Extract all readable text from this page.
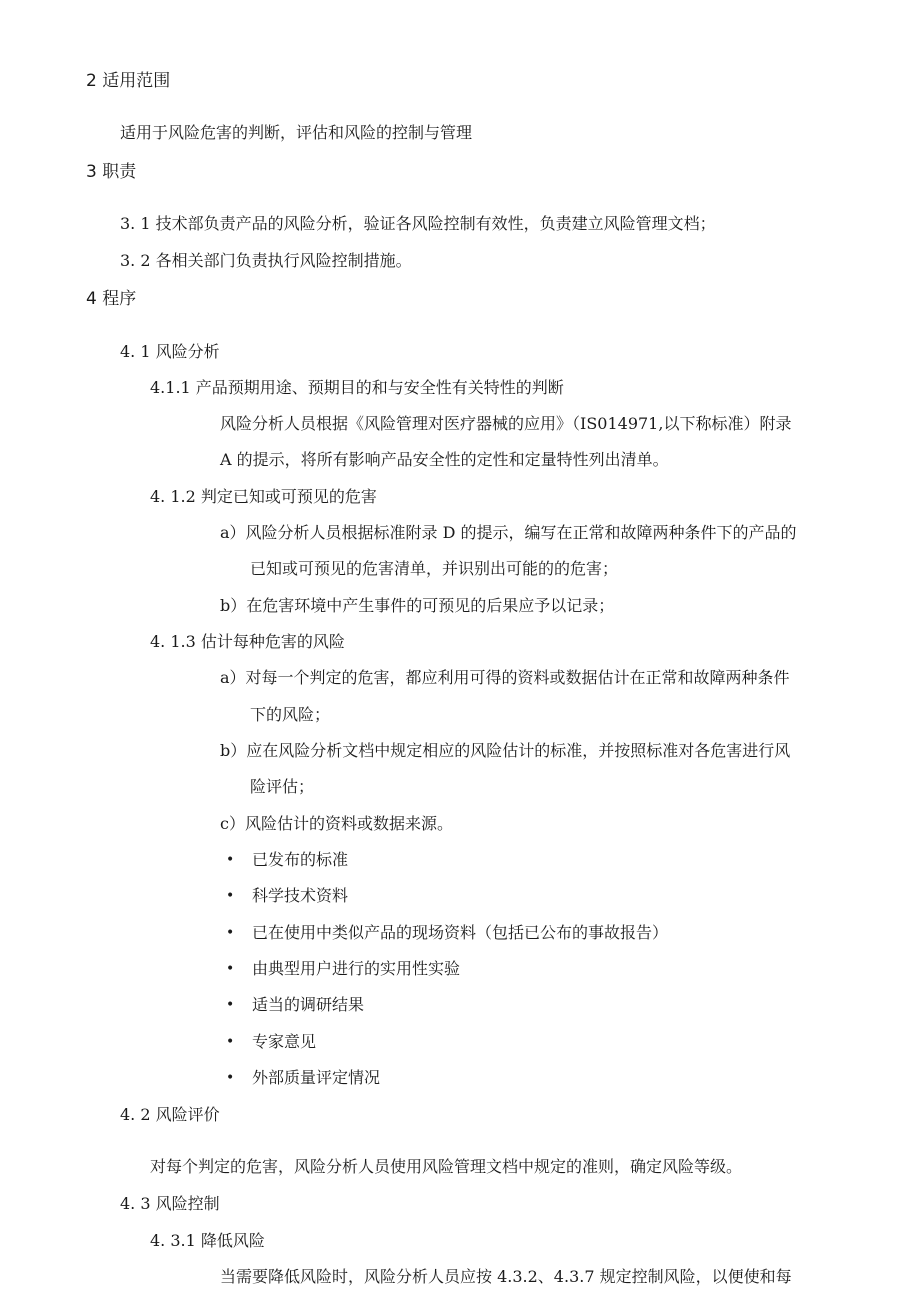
2 适用范围
适用于风险危害的判断，评估和风险的控制与管理
3 职责
3. 1 技术部负责产品的风险分析，验证各风险控制有效性，负责建立风险管理文档；
3. 2 各相关部门负责执行风险控制措施。
4 程序
4. 1 风险分析
4.1.1 产品预期用途、预期目的和与安全性有关特性的判断
风险分析人员根据《风险管理对医疗器械的应用》（IS014971,以下称标准）附录
A 的提示，将所有影响产品安全性的定性和定量特性列出清单。
4. 1.2 判定已知或可预见的危害
a）风险分析人员根据标准附录 D 的提示，编写在正常和故障两种条件下的产品的
已知或可预见的危害清单，并识别出可能的的危害；
b）在危害环境中产生事件的可预见的后果应予以记录；
4. 1.3 估计每种危害的风险
a）对每一个判定的危害，都应利用可得的资料或数据估计在正常和故障两种条件
下的风险；
b）应在风险分析文档中规定相应的风险估计的标准，并按照标准对各危害进行风
险评估；
c）风险估计的资料或数据来源。
• 已发布的标准
• 科学技术资料
• 已在使用中类似产品的现场资料（包括已公布的事故报告）
• 由典型用户进行的实用性实验
• 适当的调研结果
• 专家意见
• 外部质量评定情况
4. 2 风险评价
对每个判定的危害，风险分析人员使用风险管理文档中规定的准则，确定风险等级。
4. 3 风险控制
4. 3.1 降低风险
当需要降低风险时，风险分析人员应按 4.3.2、4.3.7 规定控制风险，以便使和每
